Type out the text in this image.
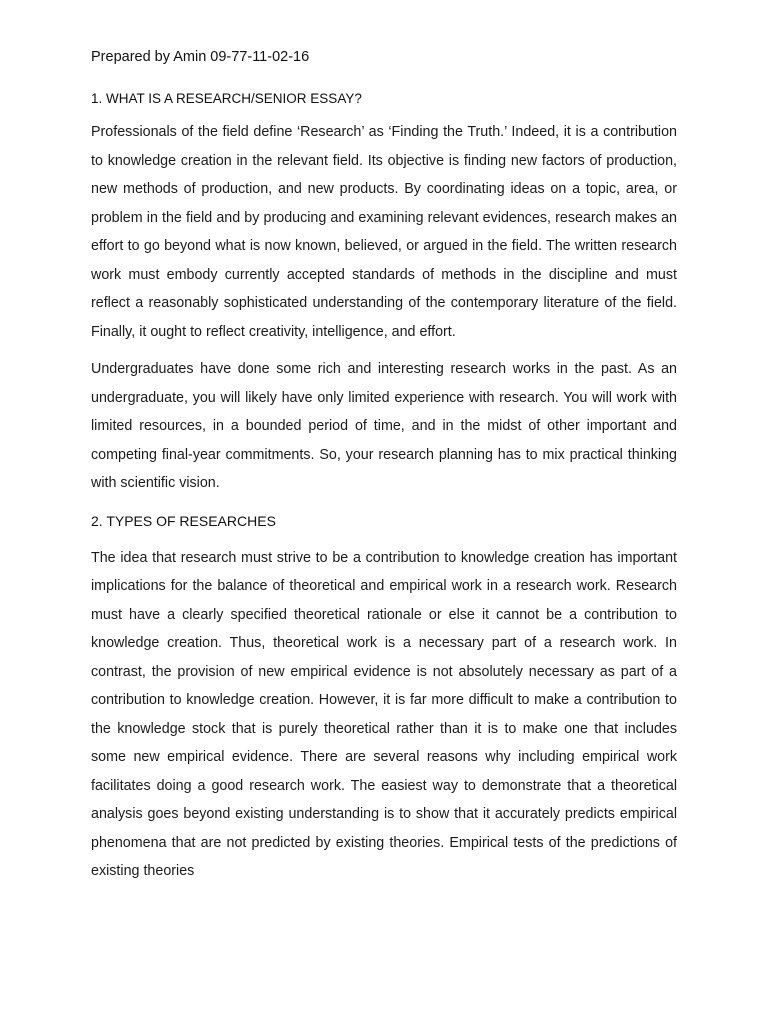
Prepared by Amin 09-77-11-02-16

1. WHAT IS A RESEARCH/SENIOR ESSAY?

Professionals of the field define ‘Research’ as ‘Finding the Truth.’ Indeed, it is a contribution to knowledge creation in the relevant field. Its objective is finding new factors of production, new methods of production, and new products. By coordinating ideas on a topic, area, or problem in the field and by producing and examining relevant evidences, research makes an effort to go beyond what is now known, believed, or argued in the field. The written research work must embody currently accepted standards of methods in the discipline and must reflect a reasonably sophisticated understanding of the contemporary literature of the field. Finally, it ought to reflect creativity, intelligence, and effort.

Undergraduates have done some rich and interesting research works in the past. As an undergraduate, you will likely have only limited experience with research. You will work with limited resources, in a bounded period of time, and in the midst of other important and competing final-year commitments. So, your research planning has to mix practical thinking with scientific vision.

2. TYPES OF RESEARCHES

The idea that research must strive to be a contribution to knowledge creation has important implications for the balance of theoretical and empirical work in a research work. Research must have a clearly specified theoretical rationale or else it cannot be a contribution to knowledge creation. Thus, theoretical work is a necessary part of a research work. In contrast, the provision of new empirical evidence is not absolutely necessary as part of a contribution to knowledge creation. However, it is far more difficult to make a contribution to the knowledge stock that is purely theoretical rather than it is to make one that includes some new empirical evidence. There are several reasons why including empirical work facilitates doing a good research work. The easiest way to demonstrate that a theoretical analysis goes beyond existing understanding is to show that it accurately predicts empirical phenomena that are not predicted by existing theories. Empirical tests of the predictions of existing theories
